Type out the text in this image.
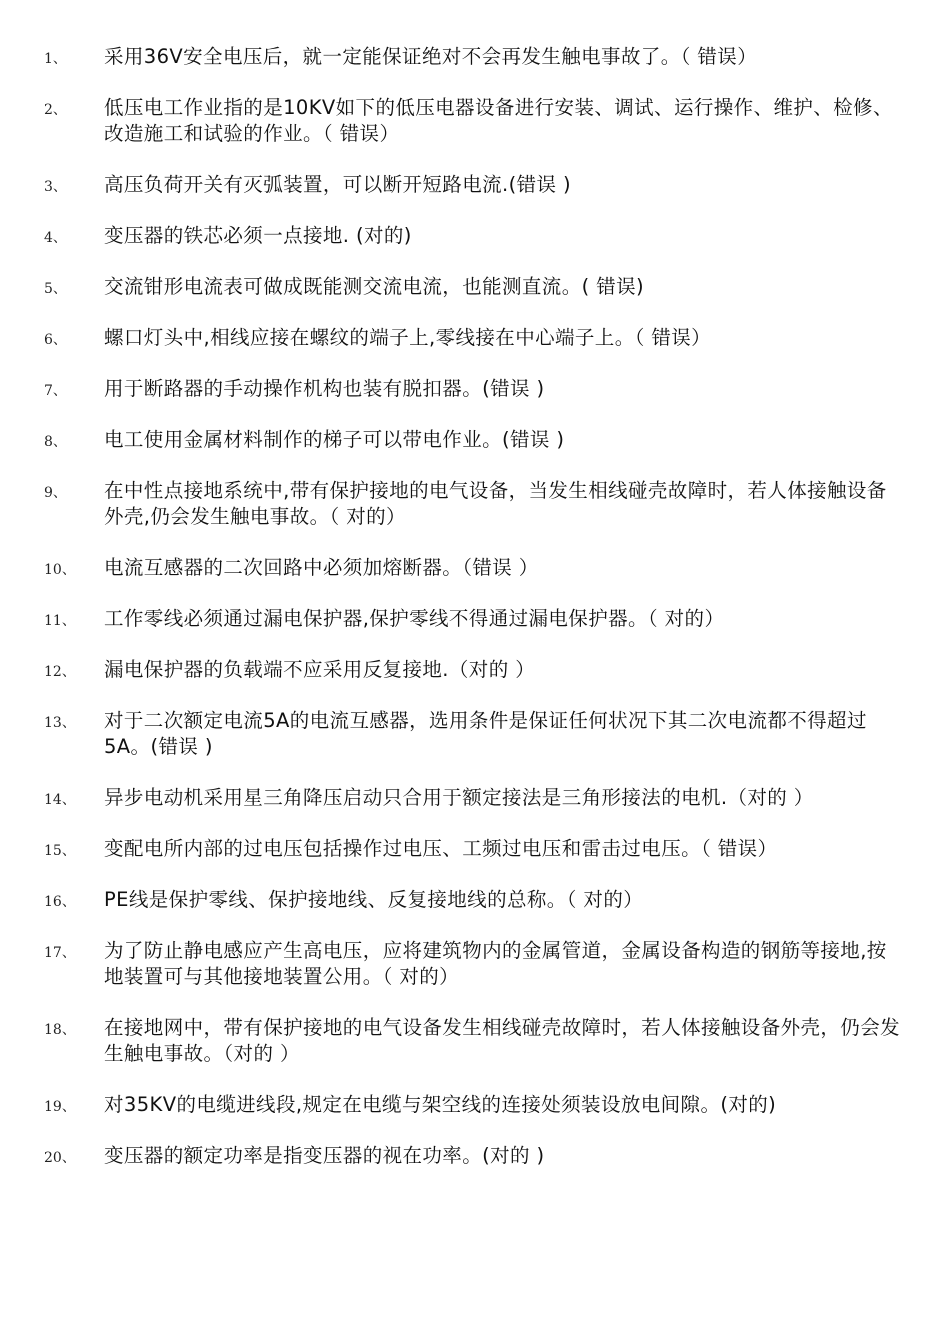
1、 采用36V安全电压后，就一定能保证绝对不会再发生触电事故了。（ 错误）
2、 低压电工作业指的是10KV如下的低压电器设备进行安装、调试、运行操作、维护、检修、改造施工和试验的作业。（ 错误）
3、 高压负荷开关有灭弧装置，可以断开短路电流.(错误 )
4、 变压器的铁芯必须一点接地. (对的)
5、 交流钳形电流表可做成既能测交流电流，也能测直流。( 错误)
6、 螺口灯头中,相线应接在螺纹的端子上,零线接在中心端子上。（ 错误）
7、 用于断路器的手动操作机构也装有脱扣器。(错误 )
8、 电工使用金属材料制作的梯子可以带电作业。(错误 )
9、 在中性点接地系统中,带有保护接地的电气设备，当发生相线碰壳故障时，若人体接触设备外壳,仍会发生触电事故。（ 对的）
10、 电流互感器的二次回路中必须加熔断器。（错误 ）
11、 工作零线必须通过漏电保护器,保护零线不得通过漏电保护器。（ 对的）
12、 漏电保护器的负载端不应采用反复接地.（对的 ）
13、 对于二次额定电流5A的电流互感器，选用条件是保证任何状况下其二次电流都不得超过5A。(错误 )
14、 异步电动机采用星三角降压启动只合用于额定接法是三角形接法的电机.（对的 ）
15、 变配电所内部的过电压包括操作过电压、工频过电压和雷击过电压。（ 错误）
16、 PE线是保护零线、保护接地线、反复接地线的总称。（ 对的）
17、 为了防止静电感应产生高电压，应将建筑物内的金属管道，金属设备构造的钢筋等接地,按地装置可与其他接地装置公用。（ 对的）
18、 在接地网中，带有保护接地的电气设备发生相线碰壳故障时，若人体接触设备外壳，仍会发生触电事故。（对的 ）
19、 对35KV的电缆进线段,规定在电缆与架空线的连接处须装设放电间隙。(对的)
20、 变压器的额定功率是指变压器的视在功率。(对的 )
